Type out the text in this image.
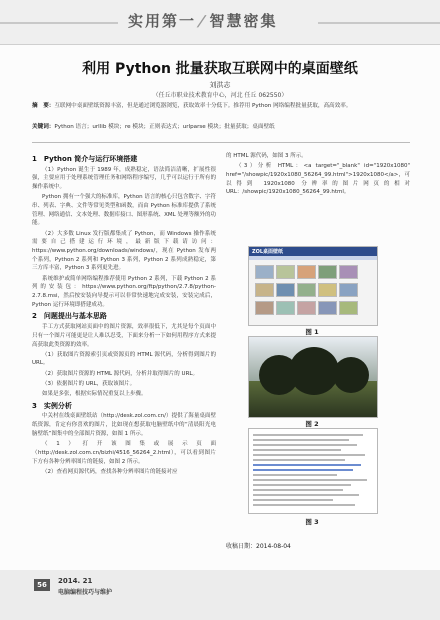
实用第一/智慧密集
利用 Python 批量获取互联网中的桌面壁纸
刘洪志
（任丘市职业技术教育中心，河北 任丘 062550）
摘　要：互联网中桌面壁纸资源丰富，但是通过浏览器浏览，获取效率十分低下。推荐用 Python 网络编程批量获取，高高效率。
关键词：Python 语言；urllib 模块；re 模块；正则表达式；urlparse 模块；批量获取；桌面壁纸
1　Python 简介与运行环境搭建
（1）Python 诞生于 1989 年，成熟稳定，语法简洁清晰，扩展性很强，主要应用于处理系统管理任务和网络程序编写，几乎可以运行于所有的操作系统中。
Python 拥有一个强大的标准库，Python 语言的核心只包含数字、字符串、列表、字典、文件等常见类型和函数，而由 Python 标准库提供了系统管理、网络通信、文本处理、数据库接口、图形系统、XML 处理等额外的功能。
（2）大多数 Linux 发行版都集成了 Python，而 Windows 操作系统需要自己搭建运行环境，最新版下载请访问：https://www.python.org/downloads/windows/，现在 Python 发布两个系列，Python 2 系列和 Python 3 系列，Python 2 系列成熟稳定，第三方库丰富，Python 3 系列更先进。
系统维护或简单网络编程推荐使用 Python 2 系列，下载 Python 2 系列的安装包：https://www.python.org/ftp/python/2.7.8/python-2.7.8.msi，然后按安装向导提示可以非常快速地完成安装，安装完成后，Python 运行环境即搭建成功。
2　问题提出与基本思路
手工方式获取网站页面中的图片资源，效率很低下，尤其是每个页面中只有一个图片可能更是让人难以忍受，下面来分析一下如何用程序方式来提高获取此类资源的效率。
（1）获取图片资源索引页或资源页的 HTML 源代码，分析得到图片的 URL。
（2）获取图片资源的 HTML 源代码，分析并取得图片的 URL。
（3）依据图片的 URL，获取该图片。
如果是多张，根据实际情况重复以上步骤。
3　实例分析
中关村在线桌面壁纸站（http://desk.zol.com.cn/）提供了海量桌面壁纸资源，肯定有你喜欢的图片，比如现在想获取电脑壁纸中的“清晨阳光电脑壁纸”图集中的全部图片资源，如图 1 所示。
（1）打开该图集或展示页面（http://desk.zol.com.cn/bizhi/4516_56264_2.html），可以看到图片下方有各种分辨率图片的链接，如图 2 所示。
（2）查看网页源代码，查找各种分辨率图片的链接对应
的 HTML 源代码，如图 3 所示。
（3）分析 HTML：<a target="_blank" id="1920x1080" href="/showpic/1920x1080_56264_99.html">1920x1080</a>，可以得到 1920x1080 分辨率的图片网页的相对 URL：/showpic/1920x1080_56264_99.html。
ZOL桌面壁纸
图 1
图 2
图 3
收稿日期：2014-08-04
56	2014. 21
电脑编程技巧与维护
